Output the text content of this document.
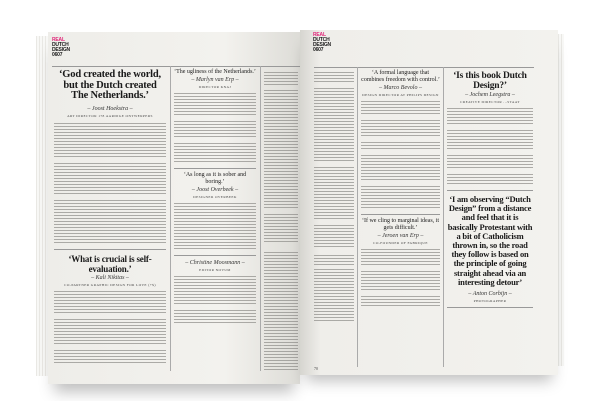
REAL
DUTCH
DESIGN
0607
‘God created the world, but the Dutch created The Netherlands.’
– Joost Hoekstra –
ART DIRECTOR 178 AARDIGE ONTWERPERS
‘What is crucial is self-evaluation.’
– Kali Nikitas –
CO-PARTNER GRAPHIC DESIGN FOR LOVE (+$)
‘The ugliness of the Netherlands.’
– Marlyn van Erp –
DIRECTOR KNAJ
‘As long as it is sober and boring.’
– Joost Overbeek –
DESIGNER OVERBEEK
– Christine Moosmann –
EDITOR NOVUM
REAL
DUTCH
DESIGN
0607
‘A formal language that combines freedom with control.’
– Marco Bevolo –
DESIGN DIRECTOR AT PHILIPS DESIGN
‘If we cling to marginal ideas, it gets difficult.’
– Jeroen van Erp –
CO-FOUNDER OF FABRIQUE
‘Is this book Dutch Design?’
– Jochem Leegstra –
CREATIVE DIRECTOR ...STAAT
‘I am observing “Dutch Design” from a distance and feel that it is basically Protestant with a bit of Catholicism thrown in, so the road they follow is based on the principle of going straight ahead via an interesting detour’
– Anton Corbijn –
PHOTOGRAPHER
70
